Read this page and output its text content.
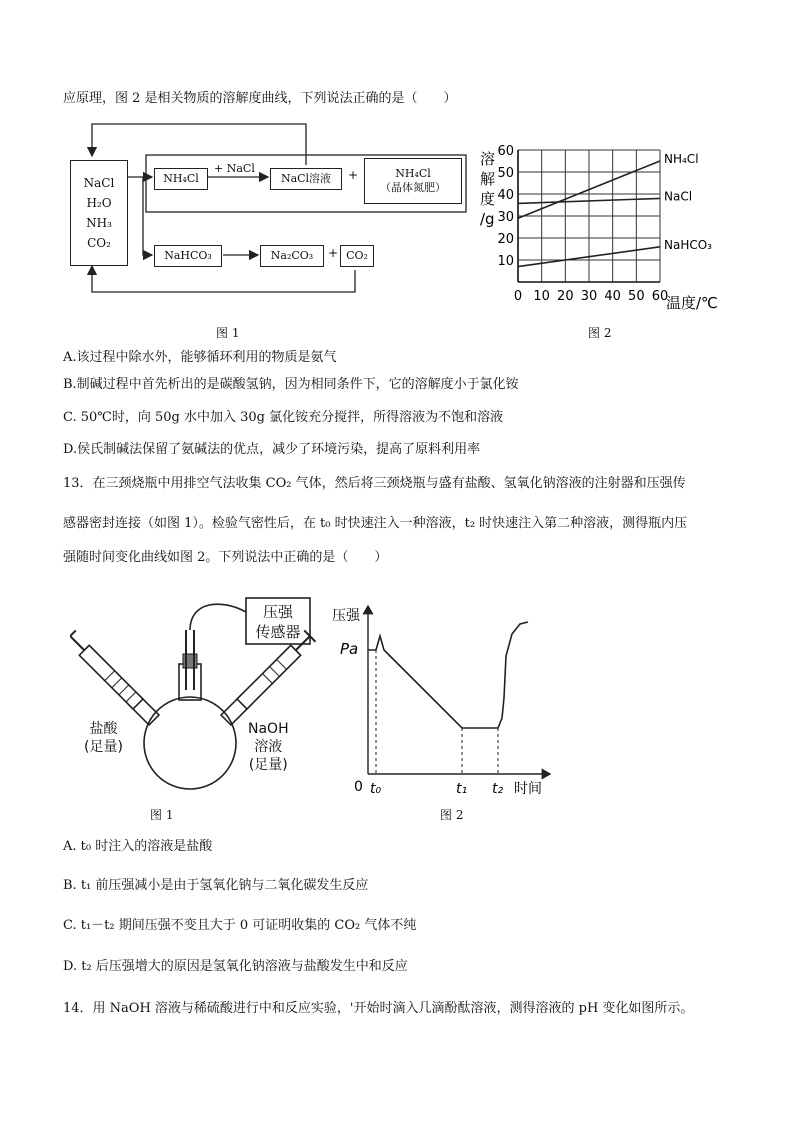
应原理，图 2 是相关物质的溶解度曲线，下列说法正确的是（　　）
NaCl
H₂O
NH₃
CO₂
NH₄Cl
+ NaCl
NaCl溶液	+	NH₄Cl
（晶体氮肥）
NaHCO₃	Na₂CO₃	+ CO₂
图 1
10
20
30
40
50
60
0 10 20 30 40 50 60
NH₄Cl
NaCl
NaHCO₃
溶
解
度
/g
温度/℃
图 2
A.该过程中除水外，能够循环利用的物质是氨气
B.制碱过程中首先析出的是碳酸氢钠，因为相同条件下，它的溶解度小于氯化铵
C. 50℃时，向 50g 水中加入 30g 氯化铵充分搅拌，所得溶液为不饱和溶液
D.侯氏制碱法保留了氨碱法的优点，减少了环境污染，提高了原料利用率
13．在三颈烧瓶中用排空气法收集 CO₂ 气体，然后将三颈烧瓶与盛有盐酸、氢氧化钠溶液的注射器和压强传
感器密封连接（如图 1）。检验气密性后，在 t₀ 时快速注入一种溶液，t₂ 时快速注入第二种溶液，测得瓶内压
强随时间变化曲线如图 2。下列说法中正确的是（　　）
压强
传感器
盐酸
(足量)
NaOH
溶液
(足量)
图 1
压强
Pa
0 t₀	t₁ t₂ 时间
图 2
A. t₀ 时注入的溶液是盐酸
B. t₁ 前压强减小是由于氢氧化钠与二氧化碳发生反应
C. t₁－t₂ 期间压强不变且大于 0 可证明收集的 CO₂ 气体不纯
D. t₂ 后压强增大的原因是氢氧化钠溶液与盐酸发生中和反应
14．用 NaOH 溶液与稀硫酸进行中和反应实验，'开始时滴入几滴酚酞溶液，测得溶液的 pH 变化如图所示。
